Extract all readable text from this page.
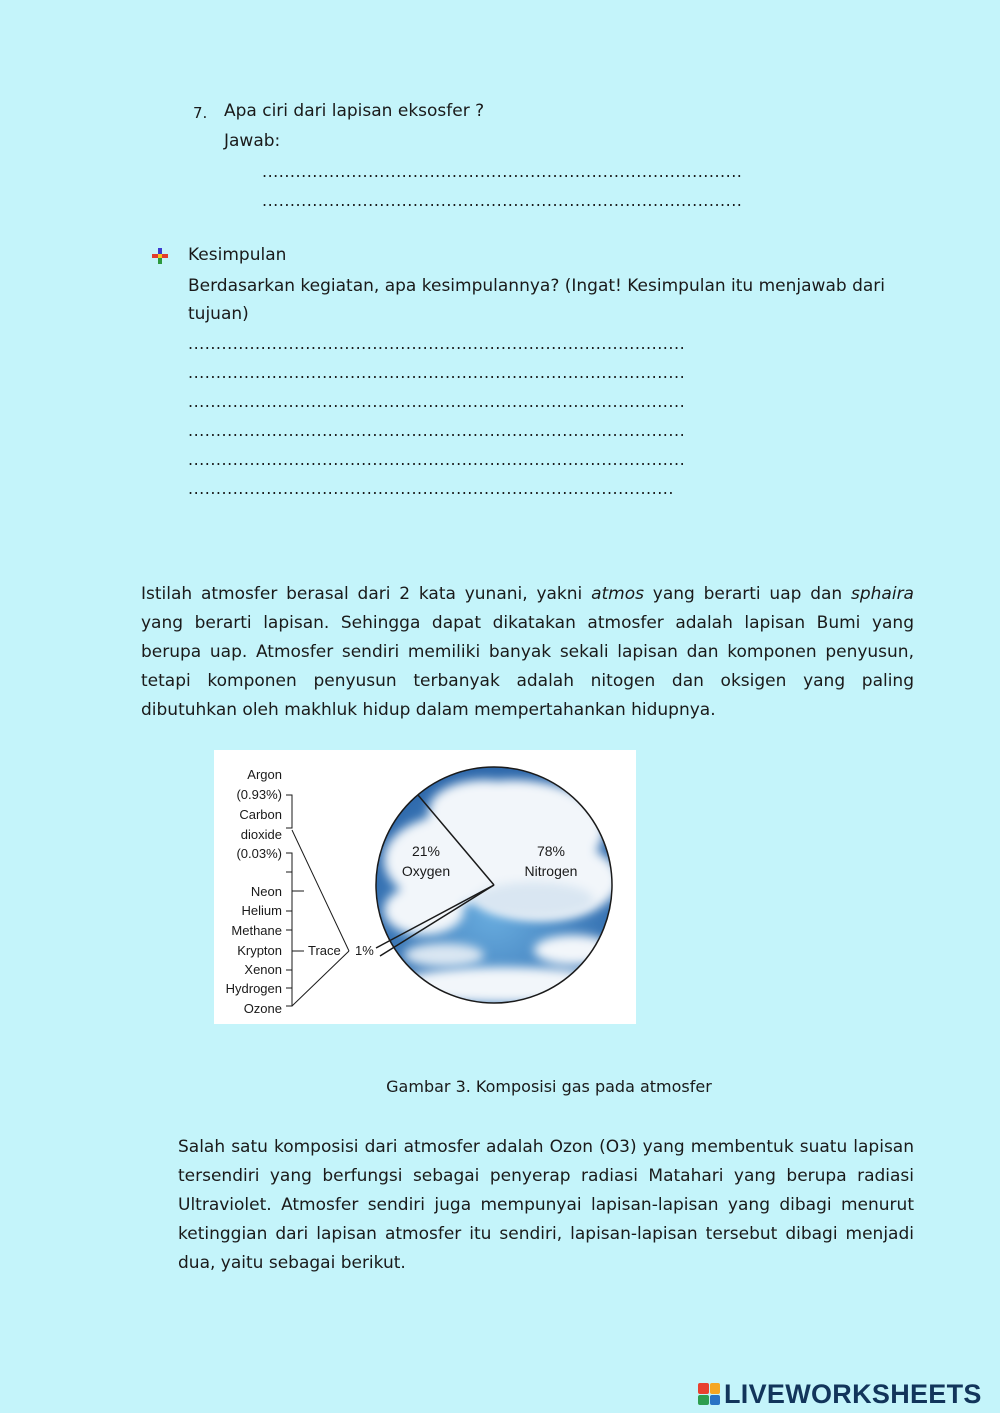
7. Apa ciri dari lapisan eksosfer ?
Jawab:
......................................................................................
......................................................................................
Kesimpulan
Berdasarkan kegiatan, apa kesimpulannya? (Ingat! Kesimpulan itu menjawab dari tujuan)
.........................................................................................
.........................................................................................
.........................................................................................
.........................................................................................
.........................................................................................
.......................................................................................
Istilah atmosfer berasal dari 2 kata yunani, yakni atmos yang berarti uap dan sphaira yang berarti lapisan. Sehingga dapat dikatakan atmosfer adalah lapisan Bumi yang berupa uap. Atmosfer sendiri memiliki banyak sekali lapisan dan komponen penyusun, tetapi komponen penyusun terbanyak adalah nitogen dan oksigen yang paling dibutuhkan oleh makhluk hidup dalam mempertahankan hidupnya.
Argon
(0.93%)
Carbon
dioxide
(0.03%)
Neon
Helium
Methane
Krypton
Xenon
Hydrogen
Ozone
Trace 1%
21%
Oxygen
78%
Nitrogen
Gambar 3. Komposisi gas pada atmosfer
Salah satu komposisi dari atmosfer adalah Ozon (O3) yang membentuk suatu lapisan tersendiri yang berfungsi sebagai penyerap radiasi Matahari yang berupa radiasi Ultraviolet. Atmosfer sendiri juga mempunyai lapisan-lapisan yang dibagi menurut ketinggian dari lapisan atmosfer itu sendiri, lapisan-lapisan tersebut dibagi menjadi dua, yaitu sebagai berikut.
LIVEWORKSHEETS
